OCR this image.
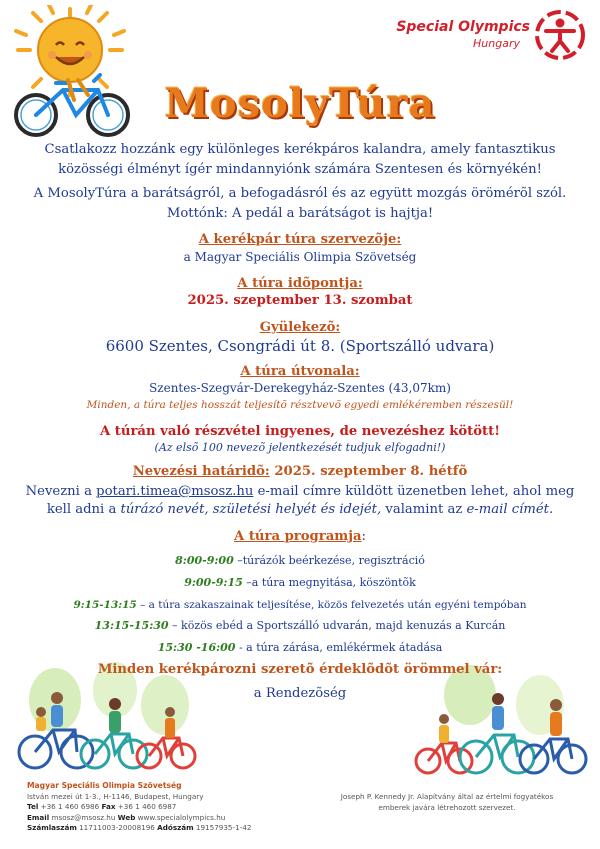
Special Olympics
Hungary
MosolyTúra
Csatlakozz hozzánk egy különleges kerékpáros kalandra, amely fantasztikus
közösségi élményt ígér mindannyiónk számára Szentesen és környékén!
A MosolyTúra a barátságról, a befogadásról és az együtt mozgás örömérõl szól.
Mottónk: A pedál a barátságot is hajtja!
A kerékpár túra szervezõje:
a Magyar Speciális Olimpia Szövetség
A túra idõpontja:
2025. szeptember 13. szombat
Gyülekezõ:
6600 Szentes, Csongrádi út 8. (Sportszálló udvara)
A túra útvonala:
Szentes-Szegvár-Derekegyház-Szentes (43,07km)
Minden, a túra teljes hosszát teljesítõ résztvevõ egyedi emlékéremben részesül!
A túrán való részvétel ingyenes, de nevezéshez kötött!
(Az elsõ 100 nevezõ jelentkezését tudjuk elfogadni!)
Nevezési határidõ: 2025. szeptember 8. hétfõ
Nevezni a potari.timea@msosz.hu e-mail címre küldött üzenetben lehet, ahol meg
kell adni a túrázó nevét, születési helyét és idejét, valamint az e-mail címét.
A túra programja:
8:00-9:00 –túrázók beérkezése, regisztráció
9:00-9:15 –a túra megnyitása, köszöntõk
9:15-13:15 – a túra szakaszainak teljesítése, közös felvezetés után egyéni tempóban
13:15-15:30 – közös ebéd a Sportszálló udvarán, majd kenuzás a Kurcán
15:30 -16:00 - a túra zárása, emlékérmek átadása
Minden kerékpározni szeretõ érdeklõdõt örömmel vár:
a Rendezõség
Magyar Speciális Olimpia Szövetség
István mezei út 1-3., H-1146, Budapest, Hungary
Tel +36 1 460 6986 Fax +36 1 460 6987
Email msosz@msosz.hu Web www.specialolympics.hu
Számlaszám 11711003-20008196 Adószám 19157935-1-42
Joseph P. Kennedy Jr. Alapítvány által az értelmi fogyatékos
emberek javára létrehozott szervezet.
